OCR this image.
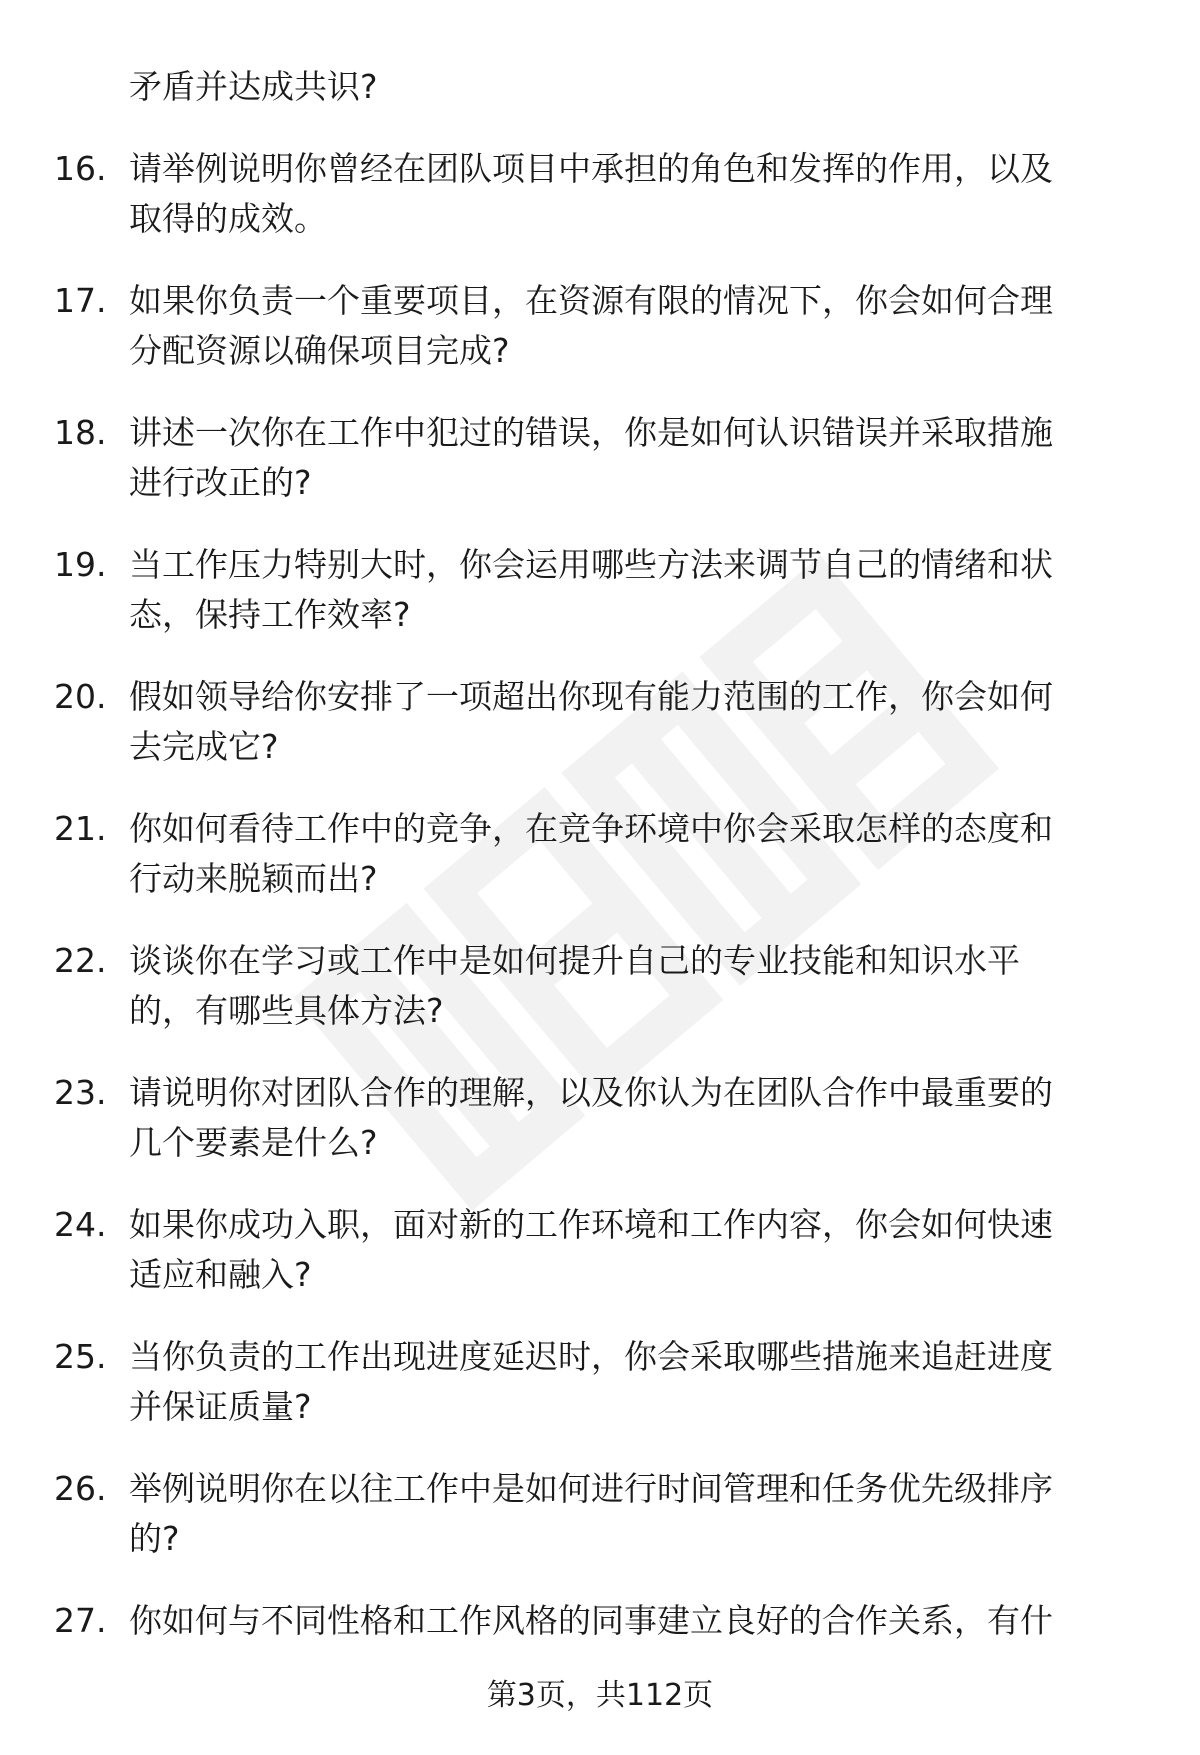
矛盾并达成共识?
16. 请举例说明你曾经在团队项目中承担的角色和发挥的作用，以及
取得的成效。
17. 如果你负责一个重要项目，在资源有限的情况下，你会如何合理
分配资源以确保项目完成?
18. 讲述一次你在工作中犯过的错误，你是如何认识错误并采取措施
进行改正的?
19. 当工作压力特别大时，你会运用哪些方法来调节自己的情绪和状
态，保持工作效率?
20. 假如领导给你安排了一项超出你现有能力范围的工作，你会如何
去完成它?
21. 你如何看待工作中的竞争，在竞争环境中你会采取怎样的态度和
行动来脱颖而出?
22. 谈谈你在学习或工作中是如何提升自己的专业技能和知识水平
的，有哪些具体方法?
23. 请说明你对团队合作的理解，以及你认为在团队合作中最重要的
几个要素是什么?
24. 如果你成功入职，面对新的工作环境和工作内容，你会如何快速
适应和融入?
25. 当你负责的工作出现进度延迟时，你会采取哪些措施来追赶进度
并保证质量?
26. 举例说明你在以往工作中是如何进行时间管理和任务优先级排序
的?
27. 你如何与不同性格和工作风格的同事建立良好的合作关系，有什
第3页，共112页
